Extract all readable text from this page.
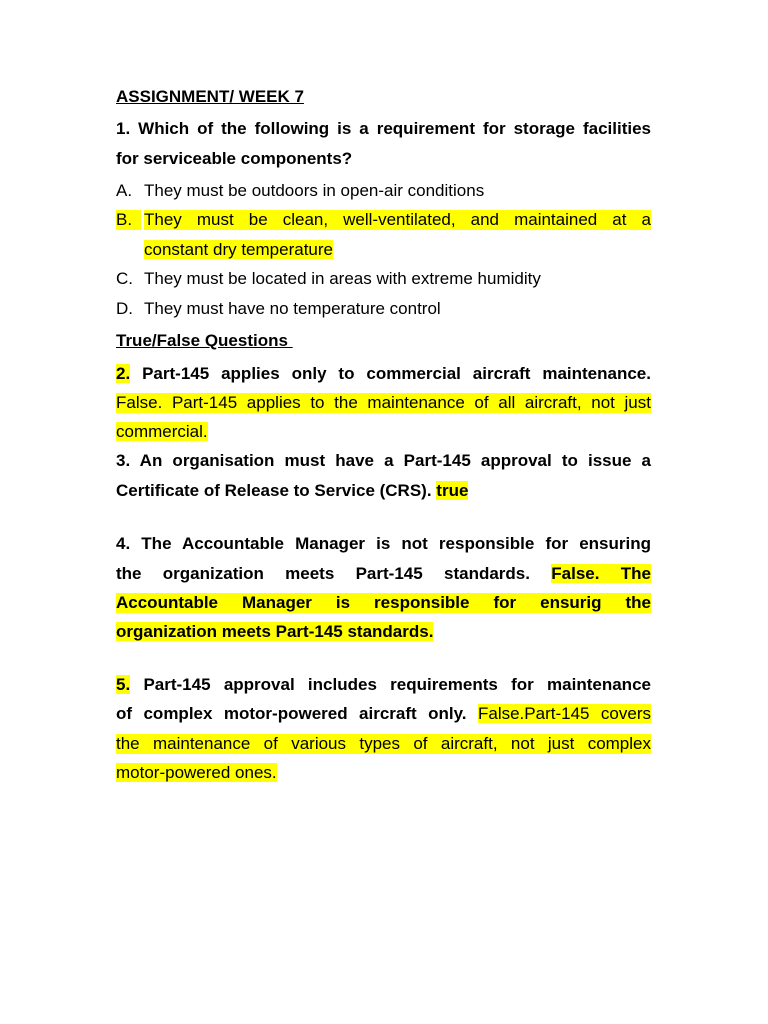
ASSIGNMENT/ WEEK 7
1. Which of the following is a requirement for storage facilities
for serviceable components?
A. They must be outdoors in open-air conditions
B. They must be clean, well-ventilated, and maintained at a
constant dry temperature
C. They must be located in areas with extreme humidity
D. They must have no temperature control
True/False Questions
2. Part-145 applies only to commercial aircraft maintenance.
False. Part-145 applies to the maintenance of all aircraft, not just
commercial.
3. An organisation must have a Part-145 approval to issue a
Certificate of Release to Service (CRS). true
4. The Accountable Manager is not responsible for ensuring
the organization meets Part-145 standards. False. The
Accountable Manager is responsible for ensurig the
organization meets Part-145 standards.
5. Part-145 approval includes requirements for maintenance
of complex motor-powered aircraft only. False.Part-145 covers
the maintenance of various types of aircraft, not just complex
motor-powered ones.
